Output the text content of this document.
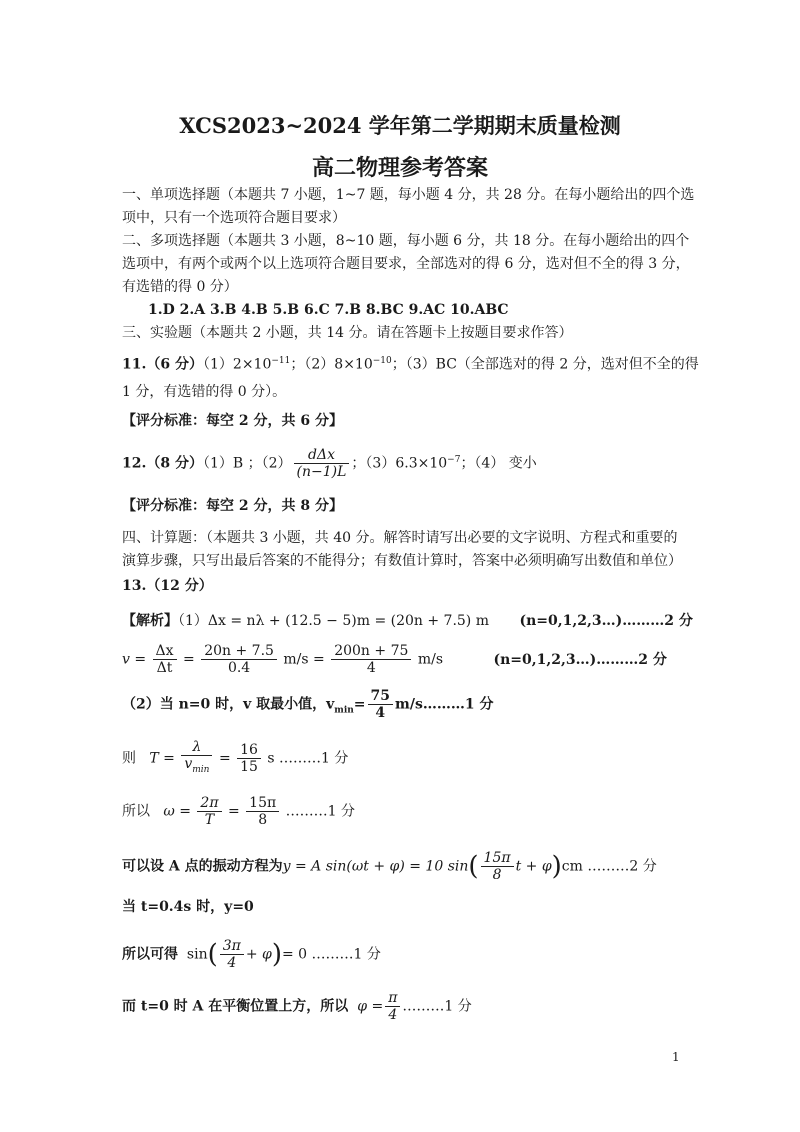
XCS2023~2024 学年第二学期期末质量检测
高二物理参考答案
一、单项选择题（本题共 7 小题，1~7 题，每小题 4 分，共 28 分。在每小题给出的四个选
项中，只有一个选项符合题目要求）
二、多项选择题（本题共 3 小题，8~10 题，每小题 6 分，共 18 分。在每小题给出的四个
选项中，有两个或两个以上选项符合题目要求，全部选对的得 6 分，选对但不全的得 3 分，
有选错的得 0 分）
1.D 2.A 3.B 4.B 5.B 6.C 7.B 8.BC 9.AC 10.ABC
三、实验题（本题共 2 小题，共 14 分。请在答题卡上按题目要求作答）
11.（6 分）$(1)2\times 10^{-11}$；$(2)8\times 10^{-10}$；（3）BC（全部选对的得 2 分，选对但不全的得
1 分，有选错的得 0 分）。
【评分标准：每空 2 分，共 6 分】
12.（8 分）（1）B ；$(2) \frac{\text{dΔx}}{(n-1)L}$ ；$(3)6.3\times 10^{-7}$；（4） 变小
【评分标准：每空 2 分，共 8 分】
四、计算题：（本题共 3 小题，共 40 分。解答时请写出必要的文字说明、方程式和重要的
演算步骤，只写出最后答案的不能得分；有数值计算时，答案中必须明确写出数值和单位）
13.（12 分）
【解析】（1）Δx = nλ + (12.5 − 5)m = (20n + 7.5) m (n=0,1,2,3…)………2 分
$v = \frac{\Delta x}{\Delta t} = \frac{20n + 7.5}{0.4} m/s = \frac{200n + 75}{4} m/s$	(n=0,1,2,3…)………2 分
（2）当 n=0 时，v 取最小值，$v_{min}= \frac{75}{4}$ m/s………1 分
则 $T = \frac{\lambda}{v_{min}} = \frac{16}{15}$ s ………1 分
所以 $\omega = \frac{2\pi}{T} = \frac{15\pi}{8}$ ………1 分
可以设 A 点的振动方程为y = A sin(ωt + φ) = 10 $\sin( \frac{15\pi}{8}$ t + φ)cm ………2 分
当 t=0.4s 时，y=0
所以可得 $\sin( \frac{3\pi}{4} + \varphi)= 0$ ………1 分
而 t=0 时 A 在平衡位置上方，所以 $\varphi = \frac{\pi}{4}$ ………1 分
1
